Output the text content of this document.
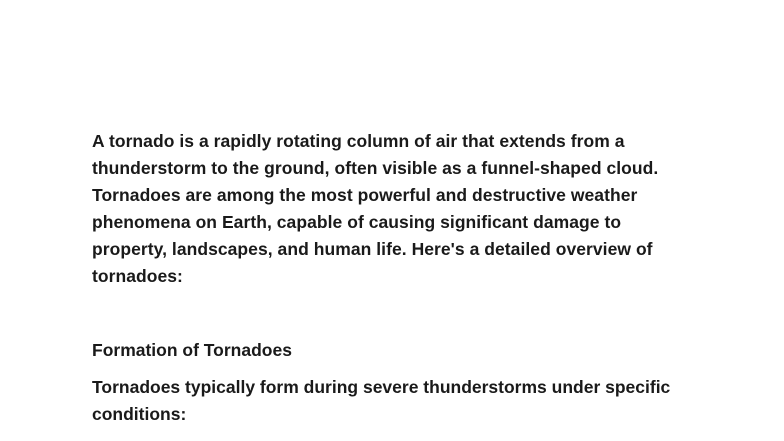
A tornado is a rapidly rotating column of air that extends from a thunderstorm to the ground, often visible as a funnel-shaped cloud. Tornadoes are among the most powerful and destructive weather phenomena on Earth, capable of causing significant damage to property, landscapes, and human life. Here's a detailed overview of tornadoes:

Formation of Tornadoes

Tornadoes typically form during severe thunderstorms under specific conditions:
